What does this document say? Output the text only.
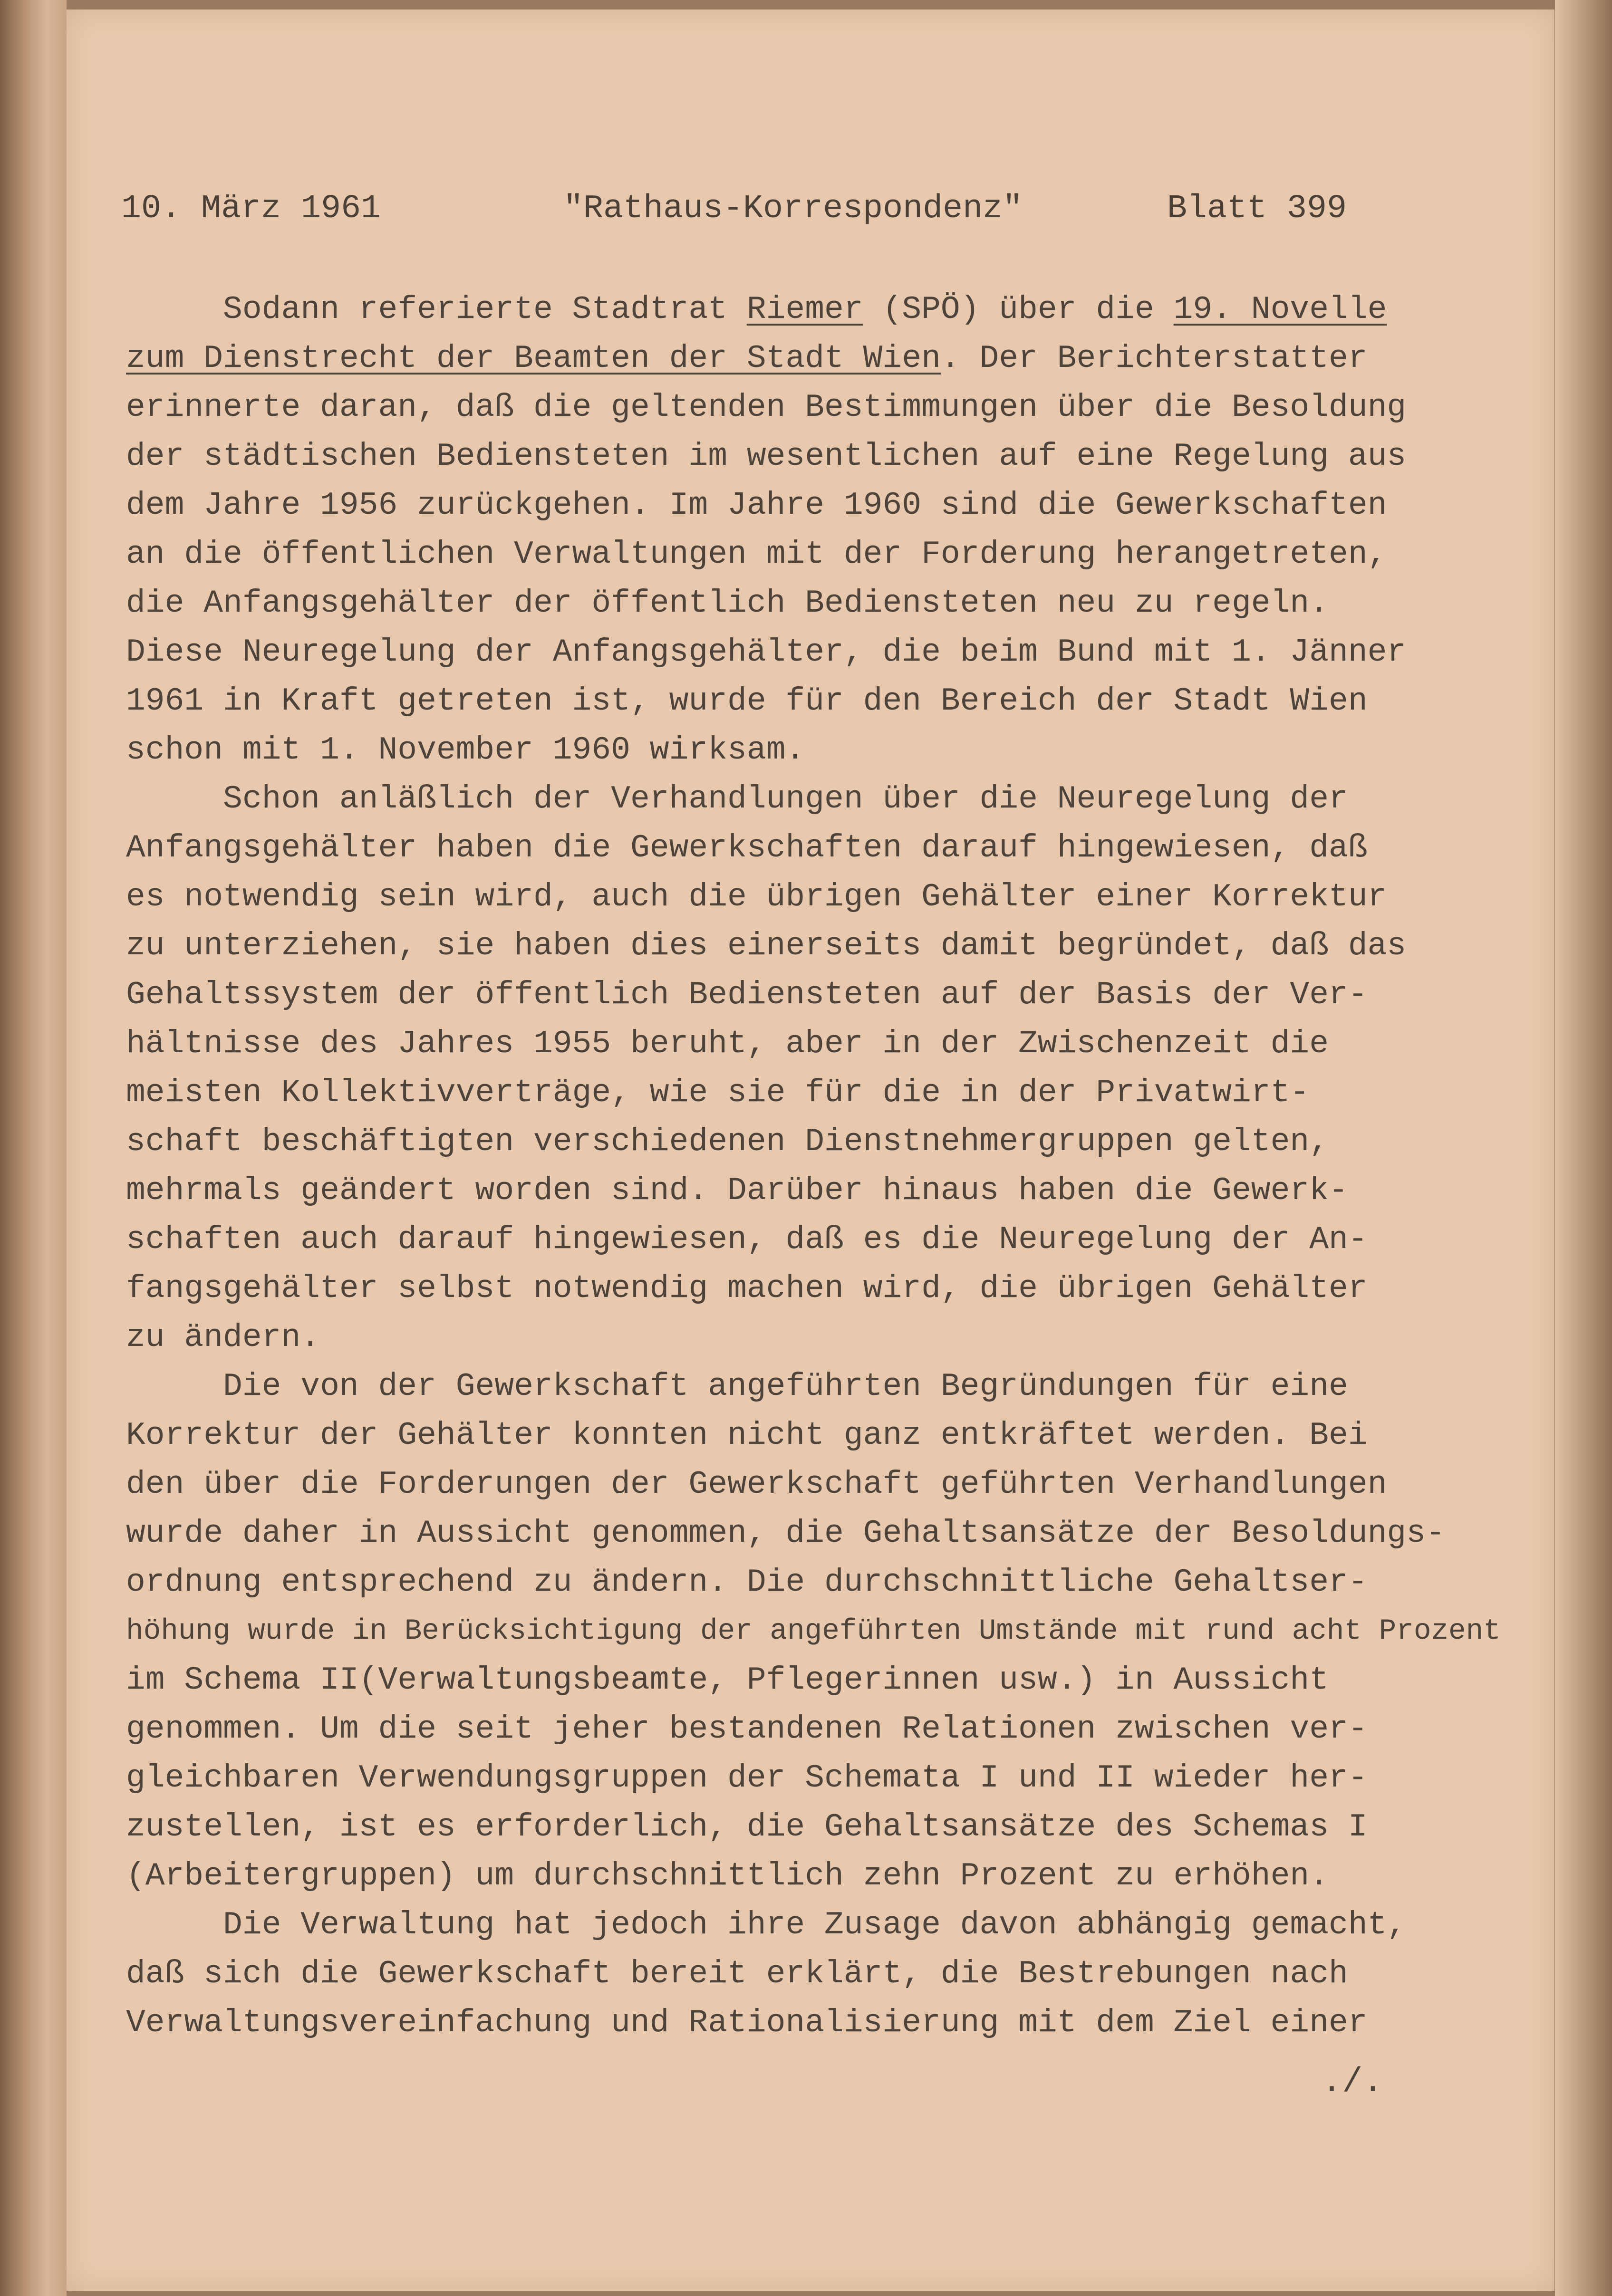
10. März 1961

	"Rathaus-Korrespondenz"

	Blatt 399

Sodann referierte Stadtrat Riemer (SPÖ) über die 19. Novelle
zum Dienstrecht der Beamten der Stadt Wien. Der Berichterstatter
erinnerte daran, daß die geltenden Bestimmungen über die Besoldung
der städtischen Bediensteten im wesentlichen auf eine Regelung aus
dem Jahre 1956 zurückgehen. Im Jahre 1960 sind die Gewerkschaften
an die öffentlichen Verwaltungen mit der Forderung herangetreten,
die Anfangsgehälter der öffentlich Bediensteten neu zu regeln.
Diese Neuregelung der Anfangsgehälter, die beim Bund mit 1. Jänner
1961 in Kraft getreten ist, wurde für den Bereich der Stadt Wien
schon mit 1. November 1960 wirksam.
Schon anläßlich der Verhandlungen über die Neuregelung der
Anfangsgehälter haben die Gewerkschaften darauf hingewiesen, daß
es notwendig sein wird, auch die übrigen Gehälter einer Korrektur
zu unterziehen, sie haben dies einerseits damit begründet, daß das
Gehaltssystem der öffentlich Bediensteten auf der Basis der Ver-
hältnisse des Jahres 1955 beruht, aber in der Zwischenzeit die
meisten Kollektivverträge, wie sie für die in der Privatwirt-
schaft beschäftigten verschiedenen Dienstnehmergruppen gelten,
mehrmals geändert worden sind. Darüber hinaus haben die Gewerk-
schaften auch darauf hingewiesen, daß es die Neuregelung der An-
fangsgehälter selbst notwendig machen wird, die übrigen Gehälter
zu ändern.
Die von der Gewerkschaft angeführten Begründungen für eine
Korrektur der Gehälter konnten nicht ganz entkräftet werden. Bei
den über die Forderungen der Gewerkschaft geführten Verhandlungen
wurde daher in Aussicht genommen, die Gehaltsansätze der Besoldungs-
ordnung entsprechend zu ändern. Die durchschnittliche Gehaltser-
höhung wurde in Berücksichtigung der angeführten Umstände mit rund acht Prozent
im Schema II(Verwaltungsbeamte, Pflegerinnen usw.) in Aussicht
genommen. Um die seit jeher bestandenen Relationen zwischen ver-
gleichbaren Verwendungsgruppen der Schemata I und II wieder her-
zustellen, ist es erforderlich, die Gehaltsansätze des Schemas I
(Arbeitergruppen) um durchschnittlich zehn Prozent zu erhöhen.
Die Verwaltung hat jedoch ihre Zusage davon abhängig gemacht,
daß sich die Gewerkschaft bereit erklärt, die Bestrebungen nach
Verwaltungsvereinfachung und Rationalisierung mit dem Ziel einer
./.
